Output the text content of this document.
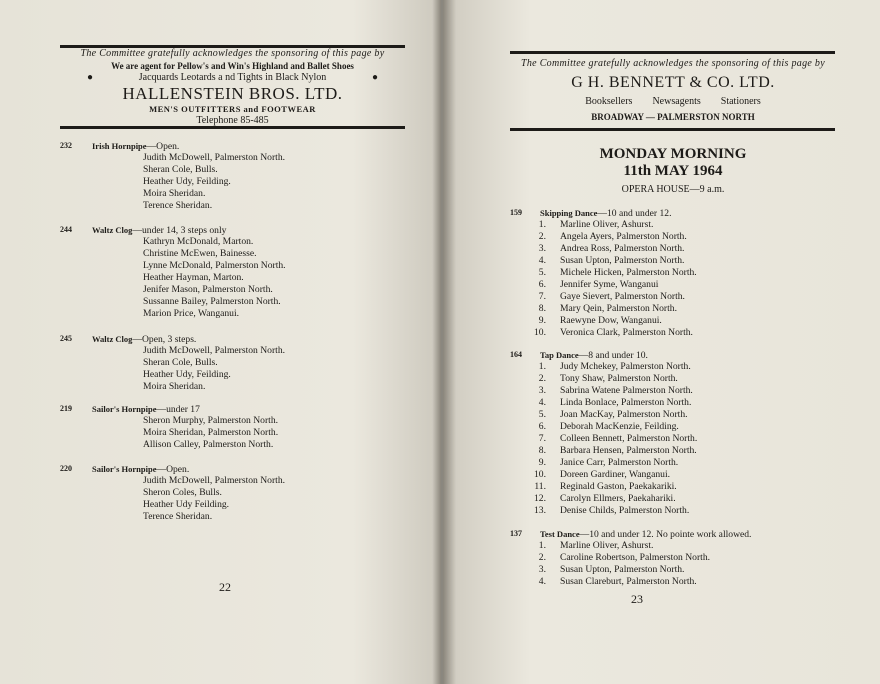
The Committee gratefully acknowledges the sponsoring of this page by
We are agent for Pellow's and Win's Highland and Ballet Shoes
●	Jacquards Leotards a nd Tights in Black Nylon	●
HALLENSTEIN BROS. LTD.
MEN'S OUTFITTERS and FOOTWEAR
Telephone 85-485
232 Irish Hornpipe—Open.
Judith McDowell, Palmerston North.
Sheran Cole, Bulls.
Heather Udy, Feilding.
Moira Sheridan.
Terence Sheridan.
244 Waltz Clog—under 14, 3 steps only
Kathryn McDonald, Marton.
Christine McEwen, Bainesse.
Lynne McDonald, Palmerston North.
Heather Hayman, Marton.
Jenifer Mason, Palmerston North.
Sussanne Bailey, Palmerston North.
Marion Price, Wanganui.
245 Waltz Clog—Open, 3 steps.
Judith McDowell, Palmerston North.
Sheran Cole, Bulls.
Heather Udy, Feilding.
Moira Sheridan.
219 Sailor's Hornpipe—under 17
Sheron Murphy, Palmerston North.
Moira Sheridan, Palmerston North.
Allison Calley, Palmerston North.
220 Sailor's Hornpipe—Open.
Judith McDowell, Palmerston North.
Sheron Coles, Bulls.
Heather Udy Feilding.
Terence Sheridan.
22
The Committee gratefully acknowledges the sponsoring of this page by
G H. BENNETT & CO. LTD.
Booksellers   Newsagents   Stationers
BROADWAY — PALMERSTON NORTH
MONDAY MORNING
11th MAY 1964
OPERA HOUSE—9 a.m.
159 Skipping Dance—10 and under 12.
1. Marline Oliver, Ashurst.
2. Angela Ayers, Palmerston North.
3. Andrea Ross, Palmerston North.
4. Susan Upton, Palmerston North.
5. Michele Hicken, Palmerston North.
6. Jennifer Syme, Wanganui
7. Gaye Sievert, Palmerston North.
8. Mary Qein, Palmerston North.
9. Raewyne Dow, Wanganui.
10. Veronica Clark, Palmerston North.
164 Tap Dance—8 and under 10.
1. Judy Mchekey, Palmerston North.
2. Tony Shaw, Palmerston North.
3. Sabrina Watene Palmerston North.
4. Linda Bonlace, Palmerston North.
5. Joan MacKay, Palmerston North.
6. Deborah MacKenzie, Feilding.
7. Colleen Bennett, Palmerston North.
8. Barbara Hensen, Palmerston North.
9. Janice Carr, Palmerston North.
10. Doreen Gardiner, Wanganui.
11. Reginald Gaston, Paekakariki.
12. Carolyn Ellmers, Paekahariki.
13. Denise Childs, Palmerston North.
137 Test Dance—10 and under 12. No pointe work allowed.
1. Marline Oliver, Ashurst.
2. Caroline Robertson, Palmerston North.
3. Susan Upton, Palmerston North.
4. Susan Clareburt, Palmerston North.
23
